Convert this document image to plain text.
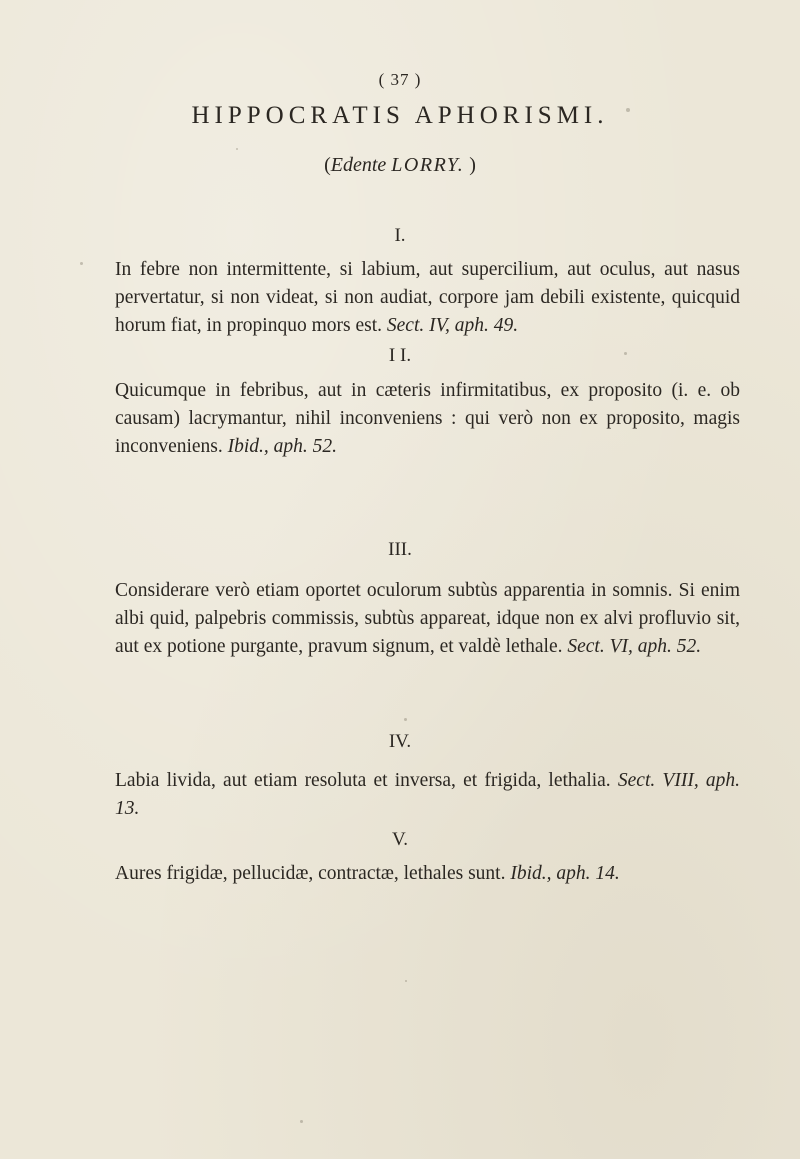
( 37 )
HIPPOCRATIS APHORISMI.
(Edente LORRY. )
I.
In febre non intermittente, si labium, aut supercilium, aut oculus, aut nasus pervertatur, si non videat, si non audiat, corpore jam debili existente, quicquid horum fiat, in propinquo mors est. Sect. IV, aph. 49.
I I.
Quicumque in febribus, aut in cæteris infirmitatibus, ex proposito (i. e. ob causam) lacrymantur, nihil inconveniens : qui verò non ex proposito, magis inconveniens. Ibid., aph. 52.
III.
Considerare verò etiam oportet oculorum subtùs apparentia in somnis. Si enim albi quid, palpebris commissis, subtùs appareat, idque non ex alvi profluvio sit, aut ex potione purgante, pravum signum, et valdè lethale. Sect. VI, aph. 52.
IV.
Labia livida, aut etiam resoluta et inversa, et frigida, lethalia. Sect. VIII, aph. 13.
V.
Aures frigidæ, pellucidæ, contractæ, lethales sunt. Ibid., aph. 14.
